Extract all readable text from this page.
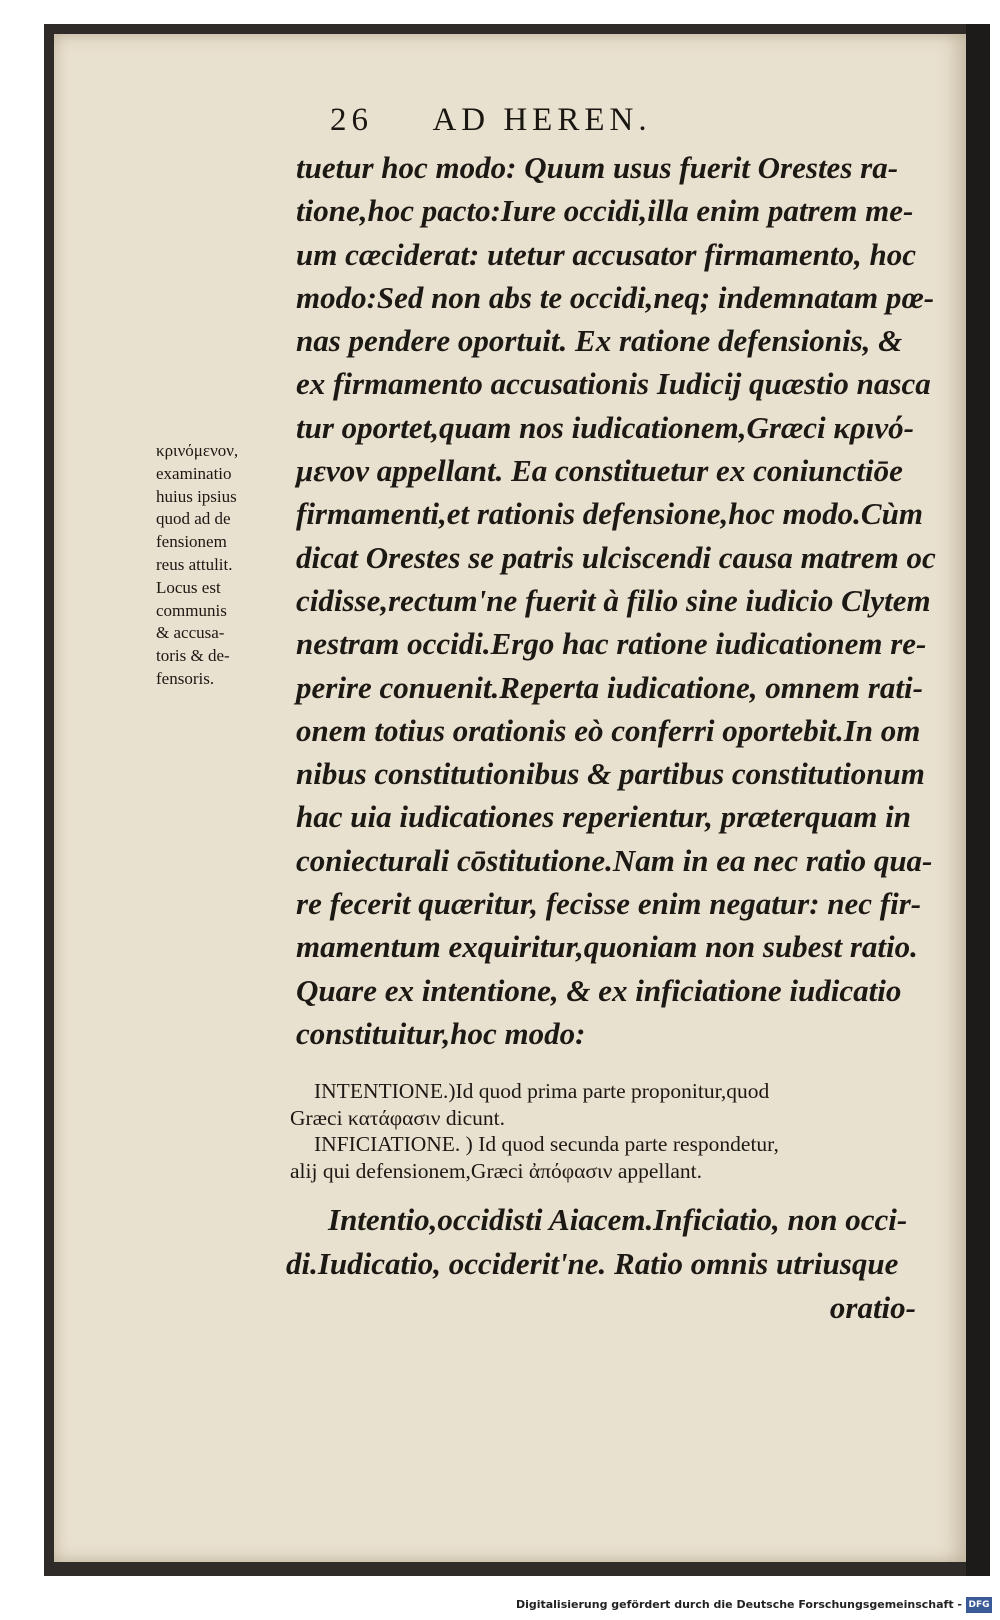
26 AD HEREN.
tuetur hoc modo: Quum usus fuerit Orestes ra-
tione,hoc pacto:Iure occidi,illa enim patrem me-
um cæciderat: utetur accusator firmamento, hoc
modo:Sed non abs te occidi,neq; indemnatam pœ-
nas pendere oportuit. Ex ratione defensionis, &
ex firmamento accusationis Iudicij quæstio nasca
tur oportet,quam nos iudicationem,Græci κρινό-
μενον appellant. Ea constituetur ex coniunctiōe
firmamenti,et rationis defensione,hoc modo.Cùm
dicat Orestes se patris ulciscendi causa matrem oc
cidisse,rectum'ne fuerit à filio sine iudicio Clytem
nestram occidi.Ergo hac ratione iudicationem re-
perire conuenit.Reperta iudicatione, omnem rati-
onem totius orationis eò conferri oportebit.In om
nibus constitutionibus & partibus constitutionum
hac uia iudicationes reperientur, præterquam in
coniecturali cōstitutione.Nam in ea nec ratio qua-
re fecerit quæritur, fecisse enim negatur: nec fir-
mamentum exquiritur,quoniam non subest ratio.
Quare ex intentione, & ex inficiatione iudicatio
constituitur,hoc modo:
κρινόμενον,
examinatio
huius ipsius
quod ad de
fensionem
reus attulit.
Locus est
communis
& accusa-
toris & de-
fensoris.
INTENTIONE.)Id quod prima parte proponitur,quod
Græci κατάφασιν dicunt.
INFICIATIONE. ) Id quod secunda parte respondetur,
alij qui defensionem,Græci ἀπόφασιν appellant.
Intentio,occidisti Aiacem.Inficiatio, non occi-
di.Iudicatio, occiderit'ne. Ratio omnis utriusque
oratio-
Digitalisierung gefördert durch die Deutsche Forschungsgemeinschaft - DFG
